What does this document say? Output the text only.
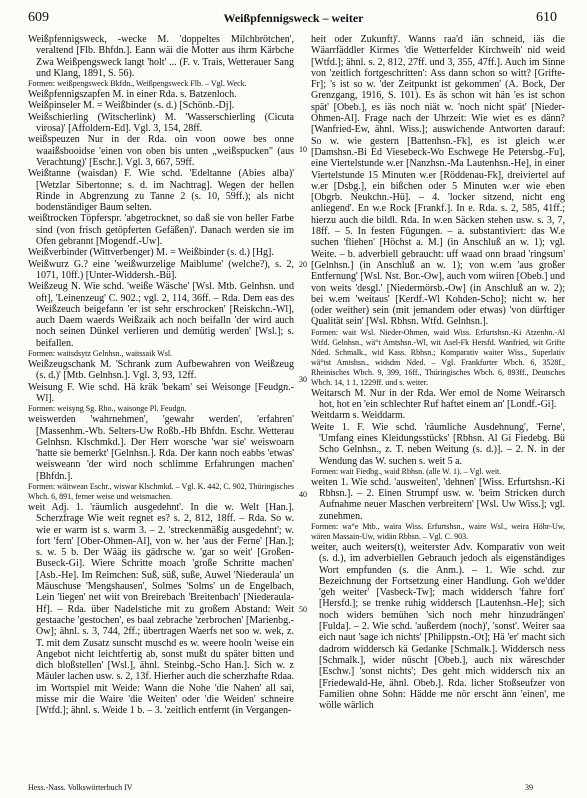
609	Weißpfennigsweck – weiter	610

Weißpfennigsweck, -wecke M. 'doppeltes Milchbrötchen', veraltend [Flb. Bhfdn.]. Eann wäi die Motter aus ihrm Kärbche Zwa Weißpengsweck langt 'holt' ... (F. v. Trais, Wetterauer Sang und Klang, 1891, S. 56).

Formen: weißpengsweck Bkfdn., Weißpengsweck Flb. – Vgl. Weck.

Weißpfennigszapfen M. in einer Rda. s. Batzenloch.

Weißpinseler M. = Weißbinder (s. d.) [Schönb.-Dj].

Weißschierling (Witscherlink) M. 'Wasserschierling (Cicuta virosa)' [Affoldern-Ed]. Vgl. 3, 154, 28ff.

weißspeuzen Nur in der Rda. oin voon oowe bes onne waaißsbooidse 'einen von oben bis unten „weißspucken" (aus Verachtung)' [Eschr.]. Vgl. 3, 667, 59ff.

Weißtanne (waisdan) F. Wie schd. 'Edeltanne (Abies alba)' [Wetzlar Sibertonne; s. d. im Nachtrag]. Wegen der hellen Rinde in Abgrenzung zu Tanne 2 (s. 10, 59ff.); als nicht bodenständiger Baum selten.

weißtrocken Töpferspr. 'abgetrocknet, so daß sie von heller Farbe sind (von frisch getöpferten Gefäßen)'. Danach werden sie im Ofen gebrannt [Mogendf.-Uw].

Weißverbinder (Wittverbenger) M. = Weißbinder (s. d.) [Hg].

Weißwurz G.? eine 'weißwurzelige Maiblume' (welche?), s. 2, 1071, 10ff.) [Unter-Widdersh.-Bü].

Weißzeug N. Wie schd. 'weiße Wäsche' [Wsl. Mtb. Gelnhsn. und oft], 'Leinenzeug' C. 902.; vgl. 2, 114, 36ff. – Rda. Dem eas des Weißzeuch beigefann 'er ist sehr erschrocken' [Reiskchn.-Wl], auch Daem waerds Weißzaik ach noch beifalln 'der wird auch noch seinen Dünkel verlieren und demütig werden' [Wsl.]; s. beifallen.

Formen: waitsdsytz Gelnhsn., waitssaik Wsl.

Weißzeugschank M. 'Schrank zum Aufbewahren von Weißzeug (s. d.)' [Mtb. Gelnhsn.]. Vgl. 3, 93, 12ff.

Weisung F. Wie schd. Hä kräk 'bekam' sei Weisonge [Feudgn.-Wl].

Formen: weisyng Sg. Rho., waisonge Pl. Feudgn.

weiswerden 'wahrnehmen', 'gewahr werden', 'erfahren' [Massenhm.-Wb. Selters-Uw Roßb.-Hb Bhfdn. Eschr. Wetterau Gelnhsn. Klschmkd.]. Der Herr worsche 'war sie' weiswoarn 'hatte sie bemerkt' [Gelnhsn.]. Rda. Der kann noch eabbs 'etwas' weisweann 'der wird noch schlimme Erfahrungen machen' [Bhfdn.].

Formen: wäitwean Eschr., wiswar Klschmkd. – Vgl. K. 442, C. 902, Thüringisches Wbch. 6, 891, ferner weise und weismachen.

weit Adj. 1. 'räumlich ausgedehnt'. In die w. Welt [Han.]. Scherzfrage Wie weit regnet es? s. 2, 812, 18ff. – Rda. So w. wie er warm ist s. warm 3. – 2. 'streckenmäßig ausgedehnt'; w. fort 'fern' [Ober-Ohmen-Al], von w. her 'aus der Ferne' [Han.]; s. w. 5 b. Der Wääg iis gädrsche w. 'gar so weit' [Großen-Buseck-Gi]. Wiere Schritte moach 'große Schritte machen' [Asb.-He]. Im Reimchen: Suß, süß, suße, Auwel 'Niederaula' un Mäuschuse 'Mengshausen', Solmes 'Solms' un de Engelbach, Lein 'liegen' net wiit von Breirebach 'Breitenbach' [Niederaula-Hf]. – Rda. über Nadelstiche mit zu großem Abstand: Weit gestaache 'gestochen', es baal zebrache 'zerbrochen' [Marienbg.-Ow]; ähnl. s. 3, 744, 2ff.; übertragen Waerfs net soo w. wek, z. T. mit dem Zusatz sunscht muschd es w. weere hooln 'weise ein Angebot nicht leichtfertig ab, sonst mußt du später bitten und dich bloßstellen' [Wsl.], ähnl. Steinbg.-Scho Han.]. Sich w. z Mäuler lachen usw. s. 2, 13f. Hierher auch die scherzhafte Rdaa. im Wortspiel mit Weide: Wann die Nohe 'die Nahen' all sai, misse mir die Waire 'die Weiten' oder 'die Weiden' schneire [Wtfd.]; ähnl. s. Weide 1 b. – 3. 'zeitlich entfernt (in Vergangen-

10
20
30
40
50

heit oder Zukunft)'. Wanns raa'd iän schneid, iäs die Wäarrfäddler Kirmes 'die Wetterfelder Kirchweih' nid weid [Wtfd.]; ähnl. s. 2, 812, 27ff. und 3, 355, 47ff.]. Auch im Sinne von 'zeitlich fortgeschritten': Ass dann schon so witt? [Grifte-Fr]; 's ist so w. 'der Zeitpunkt ist gekommen' (A. Bock, Der Grenzgang, 1916, S. 101). Es äs schon wit hän 'es ist schon spät' [Obeb.], es iäs noch niät w. 'noch nicht spät' [Nieder-Ohmen-Al]. Frage nach der Uhrzeit: Wie wiet es es dänn? [Wanfried-Ew, ähnl. Wiss.]; auswichende Antworten darauf: So w. wie gestern [Battenhsn.-Fk], es ist gleich w.er [Damshsn.-Bi Ed Viesebeck-Wo Eschwege He Petersbg.-Fu], eine Viertelstunde w.er [Nanzhsn.-Ma Lautenhsn.-He], in einer Viertelstunde 15 Minuten w.er [Röddenau-Fk], dreiviertel auf w.er [Dsbg.], ein bißchen oder 5 Minuten w.er wie eben [Obgrb. Neukchn.-Hü]. – 4. 'locker sitzend, nicht eng anliegend'. En w.e Rock [Frankf.]. In e. Rda. s. 2, 585, 41ff.; hierzu auch die bildl. Rda. In w.en Säcken stehen usw. s. 3, 7, 18ff. – 5. In festen Fügungen. – a. substantiviert: das W.e suchen 'fliehen' [Höchst a. M.] (in Anschluß an w. 1); vgl. Weite. – b. adverbiell gebraucht: uff waad onn braad 'ringsum' [Gelnhsn.] (in Anschluß an w. 1); von w.em 'aus großer Entfernung' [Wsl. Nst. Bor.-Ow], auch vom wiiren [Obeb.] und von weits 'desgl.' [Niedermörsb.-Ow] (in Anschluß an w. 2); bei w.em 'weitaus' [Kerdf.-Wl Kohden-Scho]; nicht w. her (oder weither) sein (mit jemandem oder etwas) 'von dürftiger Qualität sein' [Wsl. Rbhsn. Wtfd. Gelnhsn.].

Formen: wait Wsl. Nieder-Ohmen, waid Wiss. Erfurtshsn.-Ki Atzenhn.-Al Wtfd. Gelnhsn., wä°t Amtshsn.-Wl, wit Asel-Fk Hersfd. Wanfried, wit Grifte Nded. Schmalk., wid Kass. Rbhsn.; Komparativ waiter Wiss., Superlativ wä°tst Amtshsn., widsdm Nded. – Vgl. Frankfurter Wbch. 6, 3528f., Rheinisches Wbch. 9, 399, 16ff., Thüringisches Wbch. 6, 893ff., Deutsches Wbch. 14, 1 1, 1229ff. und s. weiter.

Weitarsch M. Nur in der Rda. Wer emol de Nome Weirarsch hot, hot en 'ein schlechter Ruf haftet einem an' [Londf.-Gi].

Weitdarm s. Weiddarm.

Weite 1. F. Wie schd. 'räumliche Ausdehnung', 'Ferne', 'Umfang eines Kleidungsstücks' [Rbhsn. Al Gi Fiedebg. Bü Scho Gelnhsn., z. T. neben Weitung (s. d.)]. – 2. N. in der Wendung das W. suchen s. weit 5 a.

Formen: wait Fiedbg., waid Rbhsn. (alle W. 1). – Vgl. weit.

weiten 1. Wie schd. 'ausweiten', 'dehnen' [Wiss. Erfurtshsn.-Ki Rbhsn.]. – 2. Einen Strumpf usw. w. 'beim Stricken durch Aufnahme neuer Maschen verbreitern' [Wsl. Uw Wiss.]; vgl. zunehmen.

Formen: wa°e Mtb., waira Wiss. Erfurtshsn., waire Wsl., weira Höhr-Uw, wären Massain-Uw, widän Rbhsn. – Vgl. C. 903.

weiter, auch weiters(t), weiterster Adv. Komparativ von weit (s. d.), im adverbiellen Gebrauch jedoch als eigenständiges Wort empfunden (s. die Anm.). – 1. Wie schd. zur Bezeichnung der Fortsetzung einer Handlung. Goh we'dder 'geh weiter' [Vasbeck-Tw]; mach widdersch 'fahre fort' [Hersfd.]; se trenke ruhig widdersch [Lautenhsn.-He]; sich noch widers bemühen 'sich noch mehr hinzudrängen' [Fulda]. – 2. Wie schd. 'außerdem (noch)', 'sonst'. Weirer saa eich naut 'sage ich nichts' [Philippstn.-Ot]; Hä 'er' macht sich dadrom widdersch kä Gedanke [Schmalk.]. Widdersch ness [Schmalk.], wider nüscht [Obeb.], auch nix wäreschder [Eschw.] 'sonst nichts'; Des geht mich widdersch nix an [Friedewald-He, ähnl. Obeb.]. Rda. licher Stoßseufzer von Familien ohne Sohn: Hädde me nör erscht änn 'einen', me wölle wärlich

Hess.-Nass. Volkswörterbuch IV	39
